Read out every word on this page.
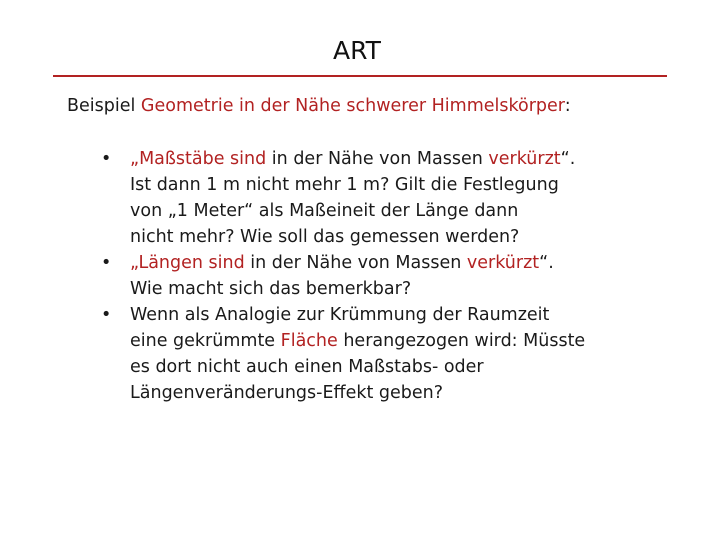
ART
Beispiel Geometrie in der Nähe schwerer Himmelskörper:
•	„Maßstäbe sind in der Nähe von Massen verkürzt“.
Ist dann 1 m nicht mehr 1 m? Gilt die Festlegung
von „1 Meter“ als Maßeineit der Länge dann
nicht mehr? Wie soll das gemessen werden?
•	„Längen sind in der Nähe von Massen verkürzt“.
Wie macht sich das bemerkbar?
•	Wenn als Analogie zur Krümmung der Raumzeit
eine gekrümmte Fläche herangezogen wird: Müsste
es dort nicht auch einen Maßstabs- oder
Längenveränderungs-Effekt geben?
